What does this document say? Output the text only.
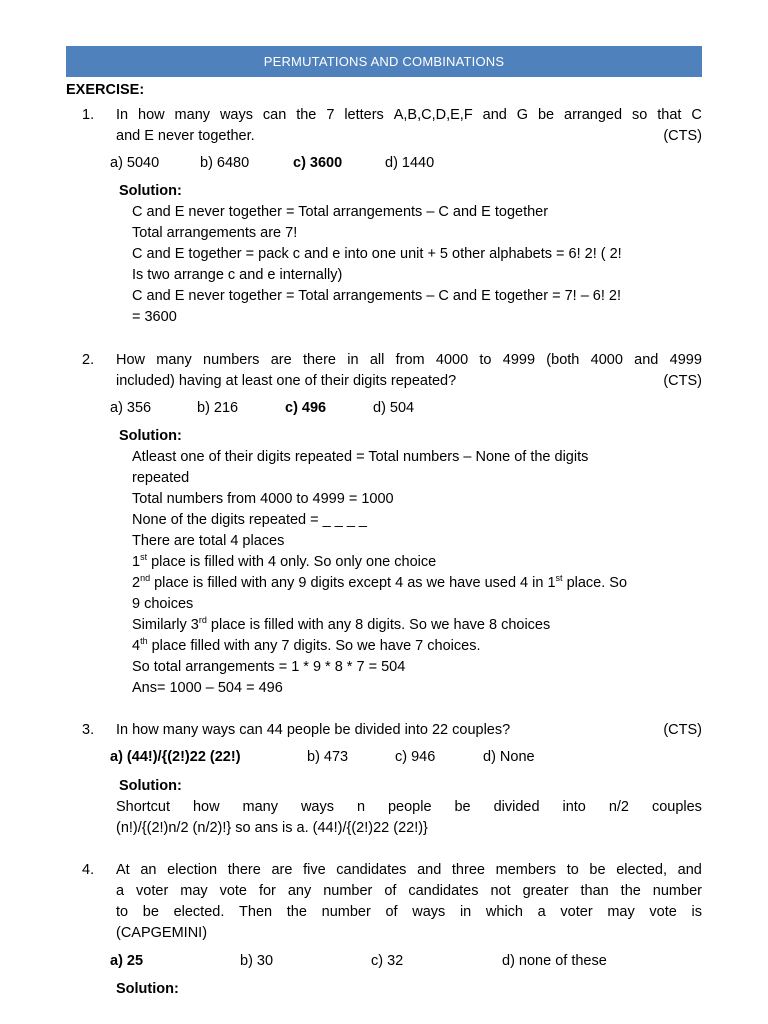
PERMUTATIONS AND COMBINATIONS
EXERCISE:
1. In how many ways can the 7 letters A,B,C,D,E,F and G be arranged so that C
and E never together.	(CTS)
a) 5040	b) 6480	c) 3600	d) 1440
Solution:
C and E never together = Total arrangements – C and E together
Total arrangements are 7!
C and E together = pack c and e into one unit + 5 other alphabets = 6! 2! ( 2!
Is two arrange c and e internally)
C and E never together = Total arrangements – C and E together = 7! – 6! 2!
= 3600
2. How many numbers are there in all from 4000 to 4999 (both 4000 and 4999
included) having at least one of their digits repeated?	(CTS)
a) 356	b) 216	c) 496	d) 504
Solution:
Atleast one of their digits repeated = Total numbers – None of the digits
repeated
Total numbers from 4000 to 4999 = 1000
None of the digits repeated = _ _ _ _
There are total 4 places
1st place is filled with 4 only. So only one choice
2nd place is filled with any 9 digits except 4 as we have used 4 in 1st place. So
9 choices
Similarly 3rd place is filled with any 8 digits. So we have 8 choices
4th place filled with any 7 digits. So we have 7 choices.
So total arrangements = 1 * 9 * 8 * 7 = 504
Ans= 1000 – 504 = 496
3. In how many ways can 44 people be divided into 22 couples?	(CTS)
a) (44!)/{(2!)22 (22!)	b) 473	c) 946	d) None
Solution:
Shortcut how many ways n people be divided into n/2 couples
(n!)/{(2!)n/2 (n/2)!} so ans is a. (44!)/{(2!)22 (22!)}
4. At an election there are five candidates and three members to be elected, and
a voter may vote for any number of candidates not greater than the number
to be elected. Then the number of ways in which a voter may vote is
(CAPGEMINI)
a) 25	b) 30	c) 32	d) none of these
Solution:
